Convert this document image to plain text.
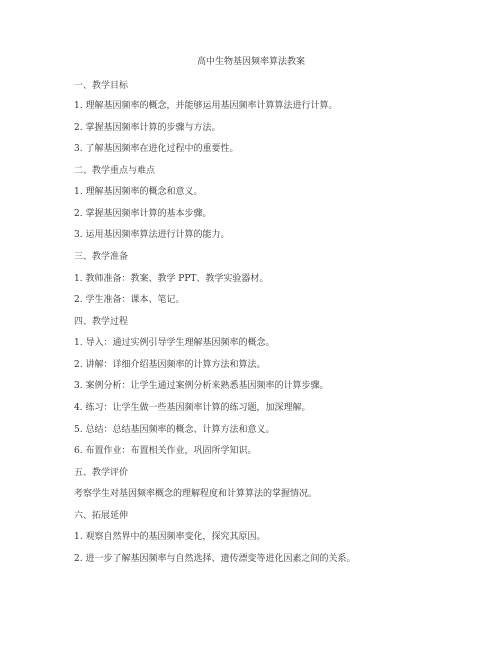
高中生物基因频率算法教案
一、教学目标
1. 理解基因频率的概念，并能够运用基因频率计算算法进行计算。
2. 掌握基因频率计算的步骤与方法。
3. 了解基因频率在进化过程中的重要性。
二、教学重点与难点
1. 理解基因频率的概念和意义。
2. 掌握基因频率计算的基本步骤。
3. 运用基因频率算法进行计算的能力。
三、教学准备
1. 教师准备：教案、教学 PPT、教学实验器材。
2. 学生准备：课本、笔记。
四、教学过程
1. 导入：通过实例引导学生理解基因频率的概念。
2. 讲解：详细介绍基因频率的计算方法和算法。
3. 案例分析：让学生通过案例分析来熟悉基因频率的计算步骤。
4. 练习：让学生做一些基因频率计算的练习题，加深理解。
5. 总结：总结基因频率的概念、计算方法和意义。
6. 布置作业：布置相关作业，巩固所学知识。
五、教学评价
考察学生对基因频率概念的理解程度和计算算法的掌握情况。
六、拓展延伸
1. 观察自然界中的基因频率变化，探究其原因。
2. 进一步了解基因频率与自然选择、遗传漂变等进化因素之间的关系。
